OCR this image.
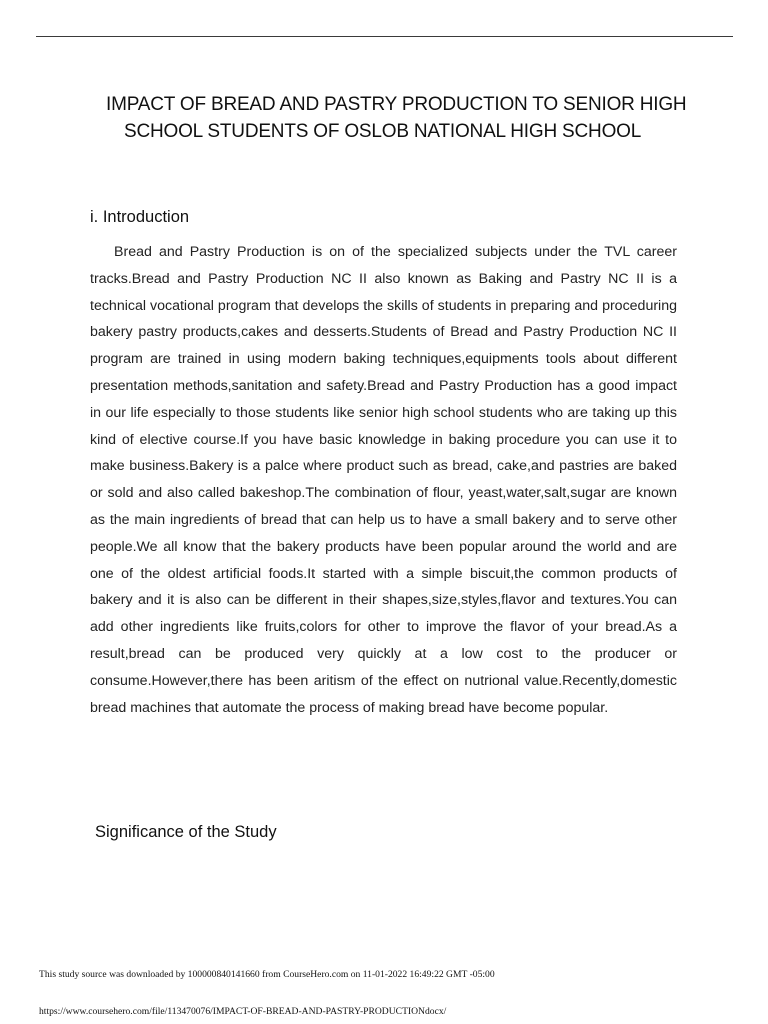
IMPACT OF BREAD AND PASTRY PRODUCTION TO SENIOR HIGH SCHOOL STUDENTS OF OSLOB NATIONAL HIGH SCHOOL
i. Introduction

Bread and Pastry Production is on of the specialized subjects under the TVL career tracks.Bread and Pastry Production NC II also known as Baking and Pastry NC II is a technical vocational program that develops the skills of students in preparing and proceduring bakery pastry products,cakes and desserts.Students of Bread and Pastry Production NC II program are trained in using modern baking techniques,equipments tools about different presentation methods,sanitation and safety.Bread and Pastry Production has a good impact in our life especially to those students like senior high school students who are taking up this kind of elective course.If you have basic knowledge in baking procedure you can use it to make business.Bakery is a palce where product such as bread, cake,and pastries are baked or sold and also called bakeshop.The combination of flour, yeast,water,salt,sugar are known as the main ingredients of bread that can help us to have a small bakery and to serve other people.We all know that the bakery products have been popular around the world and are one of the oldest artificial foods.It started with a simple biscuit,the common products of bakery and it is also can be different in their shapes,size,styles,flavor and textures.You can add other ingredients like fruits,colors for other to improve the flavor of your bread.As a result,bread can be produced very quickly at a low cost to the producer or consume.However,there has been aritism of the effect on nutrional value.Recently,domestic bread machines that automate the process of making bread have become popular.

Significance of the Study

This study source was downloaded by 100000840141660 from CourseHero.com on 11-01-2022 16:49:22 GMT -05:00

https://www.coursehero.com/file/113470076/IMPACT-OF-BREAD-AND-PASTRY-PRODUCTIONdocx/
